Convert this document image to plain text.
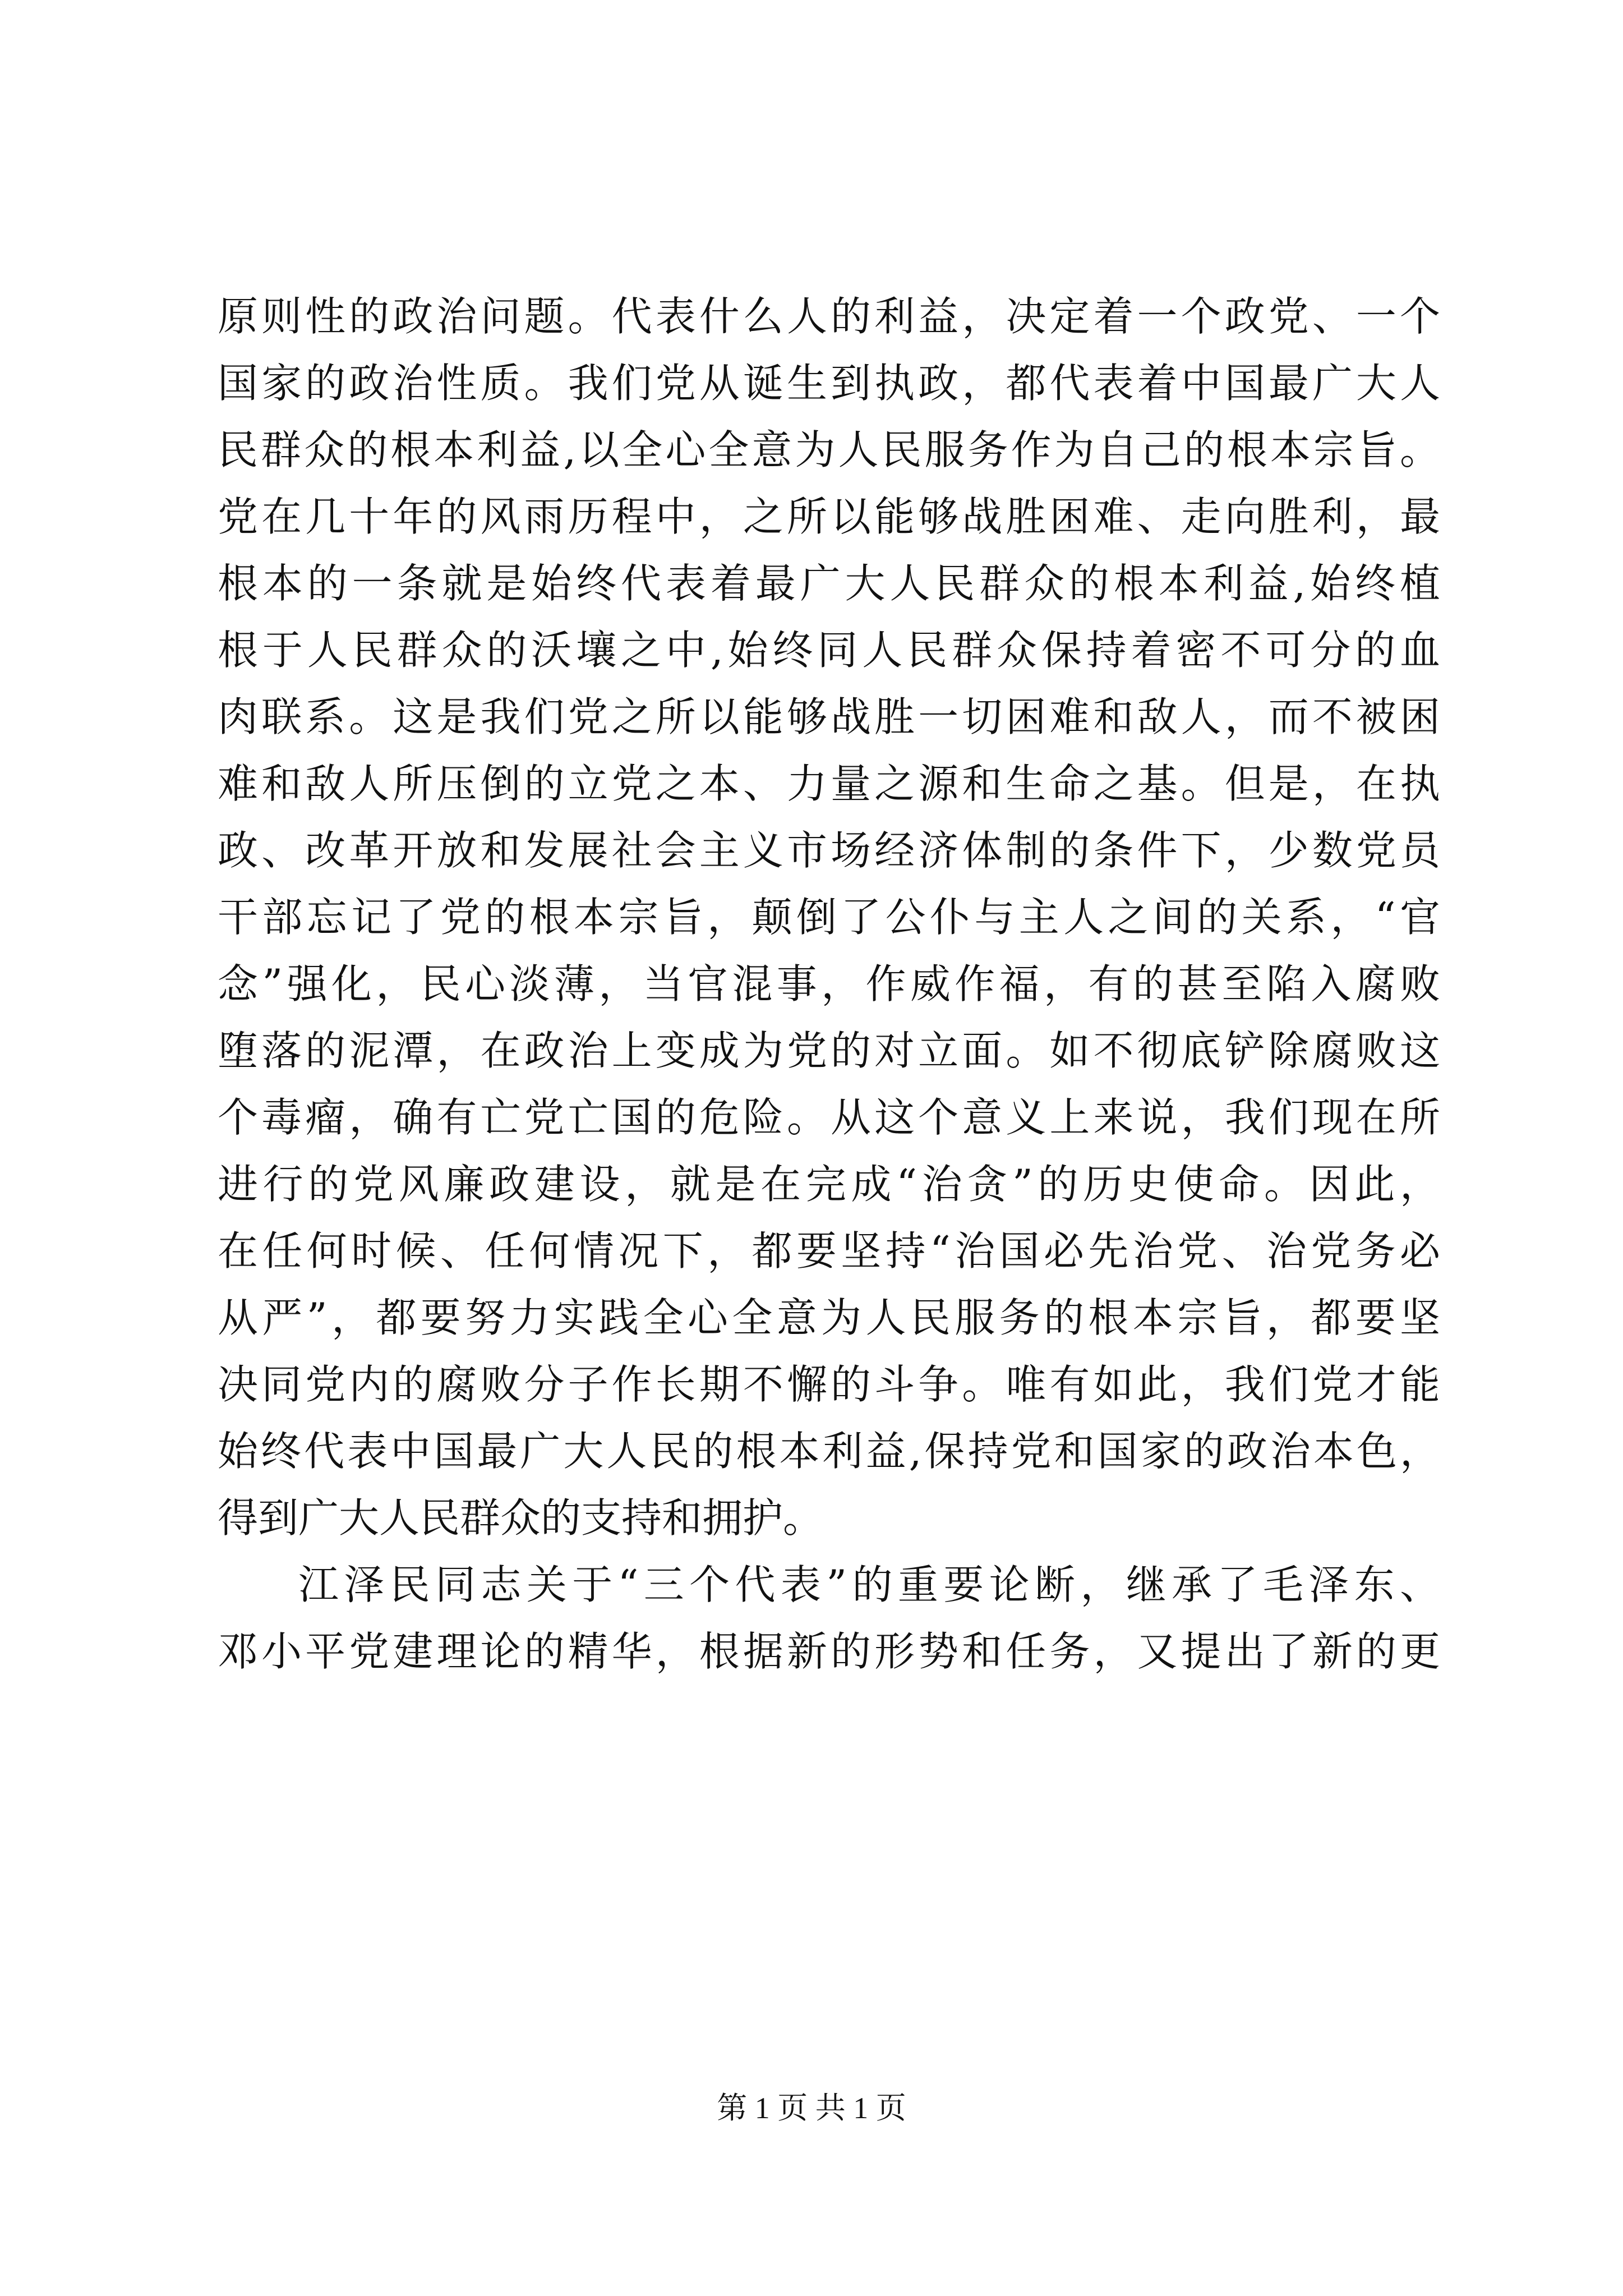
原则性的政治问题。代表什么人的利益，决定着一个政党、一个
国家的政治性质。我们党从诞生到执政，都代表着中国最广大人
民群众的根本利益,以全心全意为人民服务作为自己的根本宗旨。
党在几十年的风雨历程中，之所以能够战胜困难、走向胜利，最
根本的一条就是始终代表着最广大人民群众的根本利益,始终植
根于人民群众的沃壤之中,始终同人民群众保持着密不可分的血
肉联系。这是我们党之所以能够战胜一切困难和敌人，而不被困
难和敌人所压倒的立党之本、力量之源和生命之基。但是，在执
政、改革开放和发展社会主义市场经济体制的条件下，少数党员
干部忘记了党的根本宗旨，颠倒了公仆与主人之间的关系，“官
念”强化，民心淡薄，当官混事，作威作福，有的甚至陷入腐败
堕落的泥潭，在政治上变成为党的对立面。如不彻底铲除腐败这
个毒瘤，确有亡党亡国的危险。从这个意义上来说，我们现在所
进行的党风廉政建设，就是在完成“治贪”的历史使命。因此，
在任何时候、任何情况下，都要坚持“治国必先治党、治党务必
从严”，都要努力实践全心全意为人民服务的根本宗旨，都要坚
决同党内的腐败分子作长期不懈的斗争。唯有如此，我们党才能
始终代表中国最广大人民的根本利益,保持党和国家的政治本色，
得到广大人民群众的支持和拥护。
江泽民同志关于“三个代表”的重要论断，继承了毛泽东、
邓小平党建理论的精华，根据新的形势和任务，又提出了新的更
第 1 页 共 1 页
